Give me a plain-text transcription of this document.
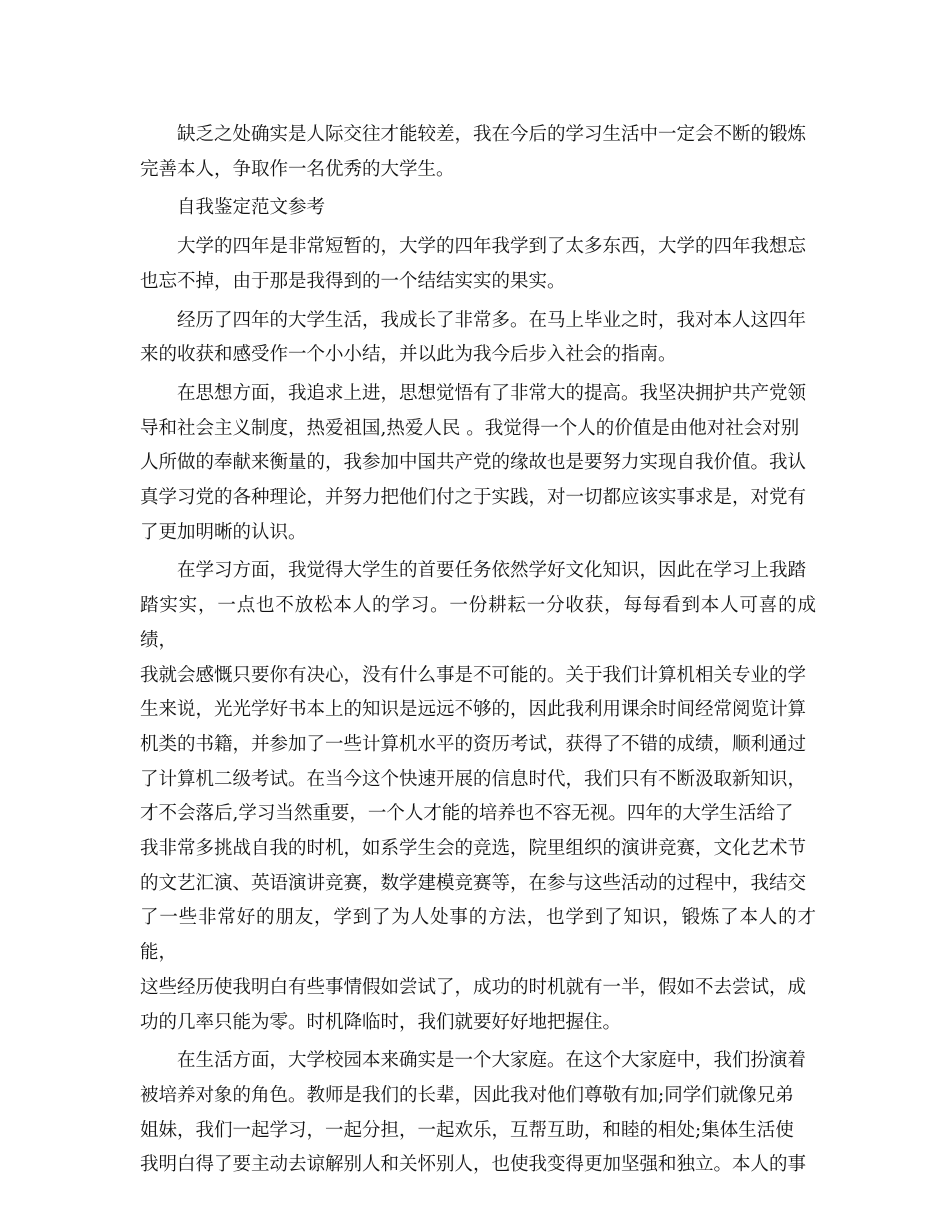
缺乏之处确实是人际交往才能较差，我在今后的学习生活中一定会不断的锻炼
完善本人，争取作一名优秀的大学生。

自我鉴定范文参考

大学的四年是非常短暂的，大学的四年我学到了太多东西，大学的四年我想忘
也忘不掉，由于那是我得到的一个结结实实的果实。

经历了四年的大学生活，我成长了非常多。在马上毕业之时，我对本人这四年
来的收获和感受作一个小小结，并以此为我今后步入社会的指南。

在思想方面，我追求上进，思想觉悟有了非常大的提高。我坚决拥护共产党领
导和社会主义制度，热爱祖国,热爱人民 。我觉得一个人的价值是由他对社会对别
人所做的奉献来衡量的，我参加中国共产党的缘故也是要努力实现自我价值。我认
真学习党的各种理论，并努力把他们付之于实践，对一切都应该实事求是，对党有
了更加明晰的认识。

在学习方面，我觉得大学生的首要任务依然学好文化知识，因此在学习上我踏
踏实实，一点也不放松本人的学习。一份耕耘一分收获，每每看到本人可喜的成绩，
我就会感慨只要你有决心，没有什么事是不可能的。关于我们计算机相关专业的学
生来说，光光学好书本上的知识是远远不够的，因此我利用课余时间经常阅览计算
机类的书籍，并参加了一些计算机水平的资历考试，获得了不错的成绩，顺利通过
了计算机二级考试。在当今这个快速开展的信息时代，我们只有不断汲取新知识，
才不会落后,学习当然重要，一个人才能的培养也不容无视。四年的大学生活给了
我非常多挑战自我的时机，如系学生会的竞选，院里组织的演讲竞赛，文化艺术节
的文艺汇演、英语演讲竞赛，数学建模竞赛等，在参与这些活动的过程中，我结交
了一些非常好的朋友，学到了为人处事的方法，也学到了知识，锻炼了本人的才能，
这些经历使我明白有些事情假如尝试了，成功的时机就有一半，假如不去尝试，成
功的几率只能为零。时机降临时，我们就要好好地把握住。

在生活方面，大学校园本来确实是一个大家庭。在这个大家庭中，我们扮演着
被培养对象的角色。教师是我们的长辈，因此我对他们尊敬有加;同学们就像兄弟
姐妹，我们一起学习，一起分担，一起欢乐，互帮互助，和睦的相处;集体生活使
我明白得了要主动去谅解别人和关怀别人，也使我变得更加坚强和独立。本人的事
